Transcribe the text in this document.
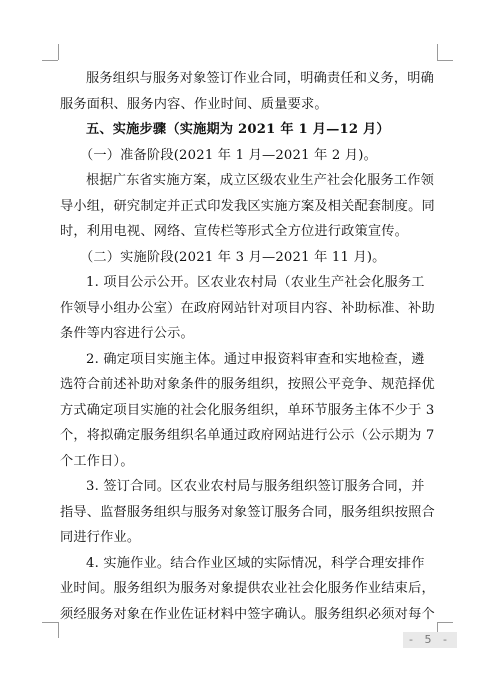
服务组织与服务对象签订作业合同，明确责任和义务，明确
服务面积、服务内容、作业时间、质量要求。
五、实施步骤（实施期为 2021 年 1 月—12 月）
（一）准备阶段(2021 年 1 月—2021 年 2 月)。
根据广东省实施方案，成立区级农业生产社会化服务工作领
导小组，研究制定并正式印发我区实施方案及相关配套制度。同
时，利用电视、网络、宣传栏等形式全方位进行政策宣传。
（二）实施阶段(2021 年 3 月—2021 年 11 月)。
1. 项目公示公开。区农业农村局（农业生产社会化服务工
作领导小组办公室）在政府网站针对项目内容、补助标准、补助
条件等内容进行公示。
2. 确定项目实施主体。通过申报资料审查和实地检查，遴
选符合前述补助对象条件的服务组织，按照公平竞争、规范择优
方式确定项目实施的社会化服务组织，单环节服务主体不少于 3
个，将拟确定服务组织名单通过政府网站进行公示（公示期为 7
个工作日）。
3. 签订合同。区农业农村局与服务组织签订服务合同，并
指导、监督服务组织与服务对象签订服务合同，服务组织按照合
同进行作业。
4. 实施作业。结合作业区域的实际情况，科学合理安排作
业时间。服务组织为服务对象提供农业社会化服务作业结束后，
须经服务对象在作业佐证材料中签字确认。服务组织必须对每个
- 5 -
